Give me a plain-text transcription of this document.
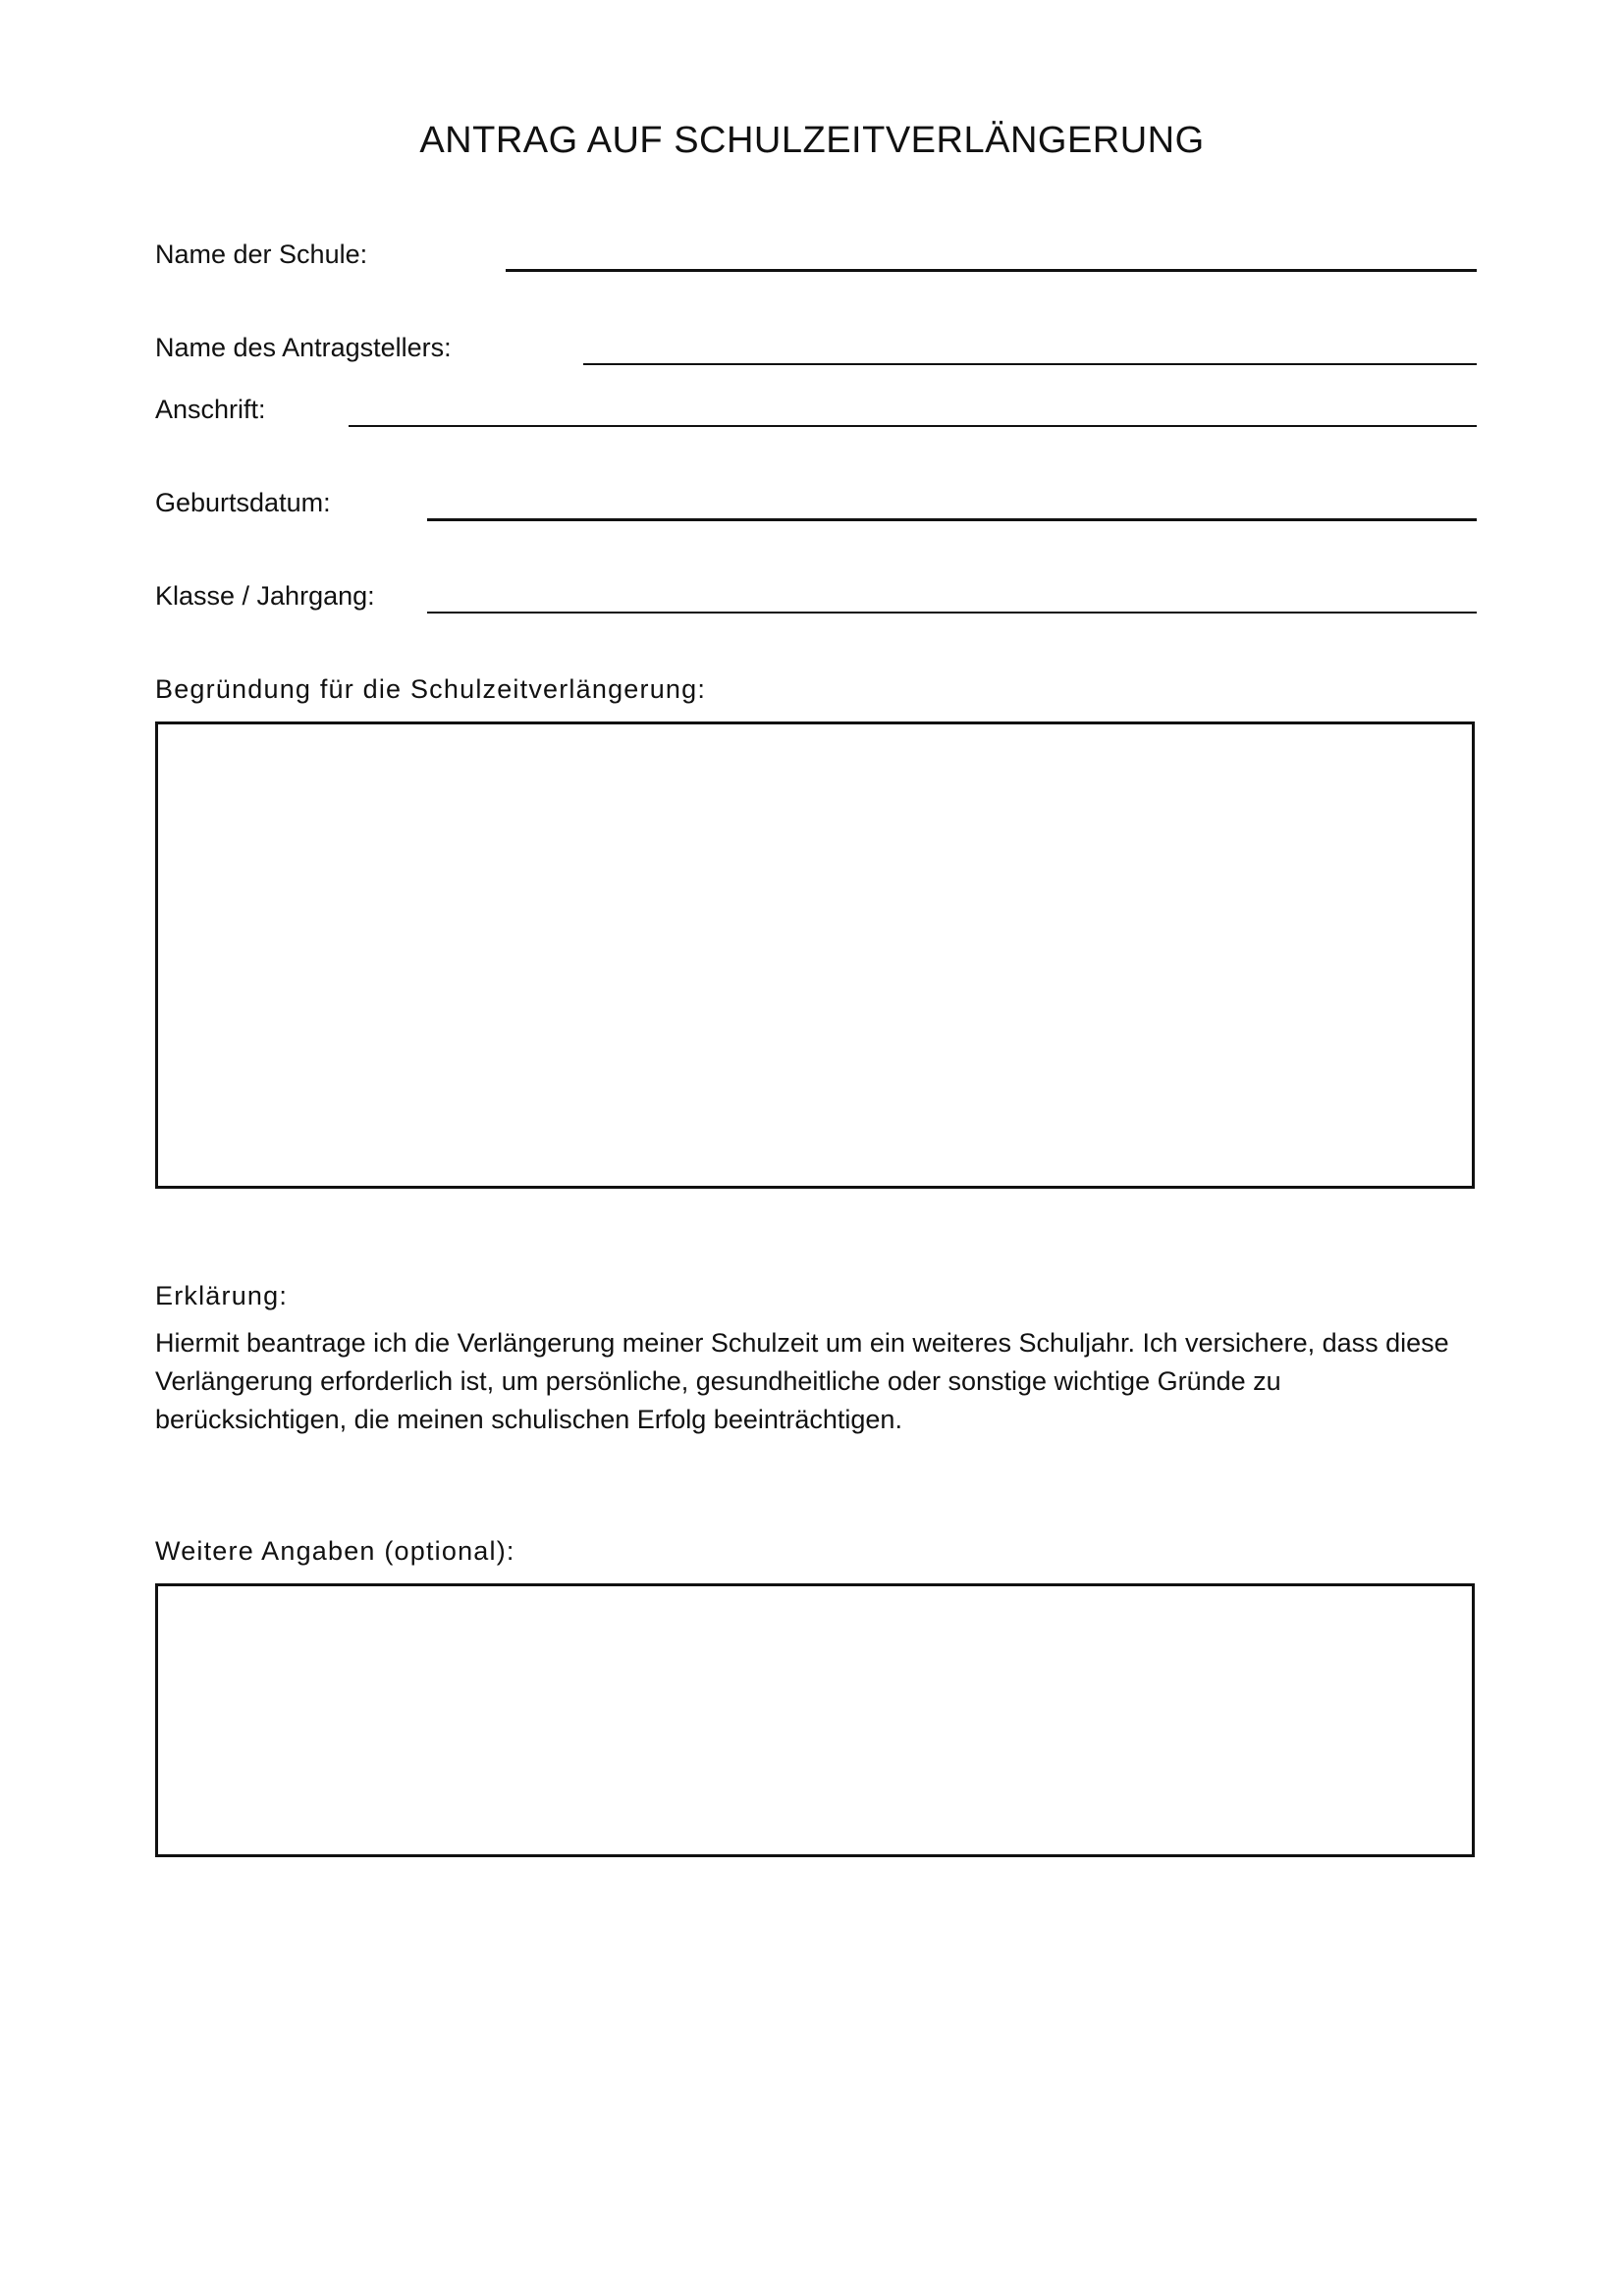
ANTRAG AUF SCHULZEITVERLÄNGERUNG
Name der Schule:
Name des Antragstellers:
Anschrift:
Geburtsdatum:
Klasse / Jahrgang:
Begründung für die Schulzeitverlängerung:
Erklärung:

Hiermit beantrage ich die Verlängerung meiner Schulzeit um ein weiteres Schuljahr. Ich versichere, dass diese Verlängerung erforderlich ist, um persönliche, gesundheitliche oder sonstige wichtige Gründe zu berücksichtigen, die meinen schulischen Erfolg beeinträchtigen.

Weitere Angaben (optional):
